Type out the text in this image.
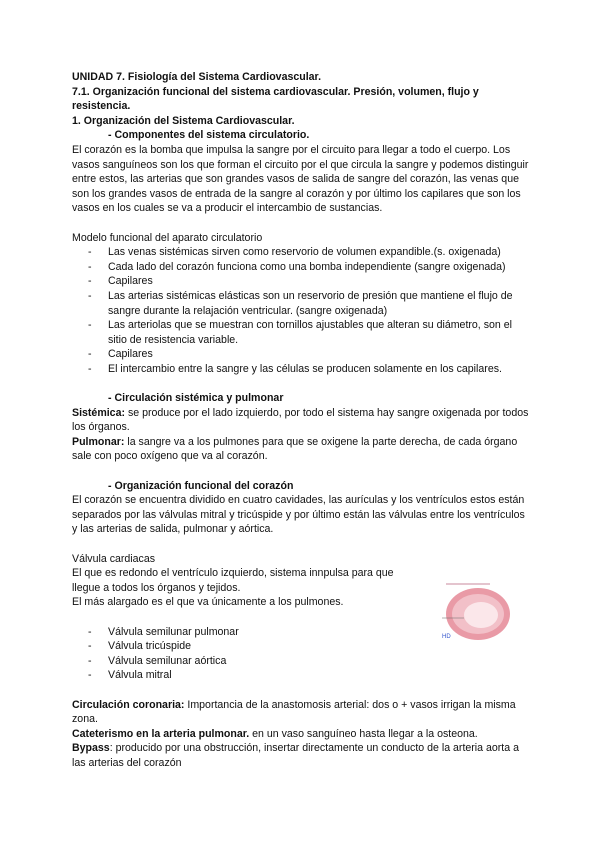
UNIDAD 7. Fisiología del Sistema Cardiovascular.
7.1. Organización funcional del sistema cardiovascular. Presión, volumen, flujo y resistencia.
1. Organización del Sistema Cardiovascular.
- Componentes del sistema circulatorio.
El corazón es la bomba que impulsa la sangre por el circuito para llegar a todo el cuerpo. Los vasos sanguíneos son los que forman el circuito por el que circula la sangre y podemos distinguir entre estos, las arterias que son grandes vasos de salida de sangre del corazón, las venas que son los grandes vasos de entrada de la sangre al corazón y por último los capilares que son los vasos en los cuales se va a producir el intercambio de sustancias.
Modelo funcional del aparato circulatorio
- Las venas sistémicas sirven como reservorio de volumen expandible.(s. oxigenada)
- Cada lado del corazón funciona como una bomba independiente (sangre oxigenada)
- Capilares
- Las arterias sistémicas elásticas son un reservorio de presión que mantiene el flujo de sangre durante la relajación ventricular. (sangre oxigenada)
- Las arteriolas que se muestran con tornillos ajustables que alteran su diámetro, son el sitio de resistencia variable.
- Capilares
- El intercambio entre la sangre y las células se producen solamente en los capilares.
- Circulación sistémica y pulmonar
Sistémica: se produce por el lado izquierdo, por todo el sistema hay sangre oxigenada por todos los órganos.
Pulmonar: la sangre va a los pulmones para que se oxigene la parte derecha, de cada órgano sale con poco oxígeno que va al corazón.
- Organización funcional del corazón
El corazón se encuentra dividido en cuatro cavidades, las aurículas y los ventrículos estos están separados por las válvulas mitral y tricúspide y por último están las válvulas entre los ventrículos y las arterias de salida, pulmonar y aórtica.
Válvula cardiacas
El que es redondo el ventrículo izquierdo, sistema innpulsa para que llegue a todos los órganos y tejidos.
El más alargado es el que va únicamente a los pulmones.
- Válvula semilunar pulmonar
- Válvula tricúspide
- Válvula semilunar aórtica
- Válvula mitral
Circulación coronaria: Importancia de la anastomosis arterial: dos o + vasos irrigan la misma zona.
Cateterismo en la arteria pulmonar. en un vaso sanguíneo hasta llegar a la osteona.
Bypass: producido por una obstrucción, insertar directamente un conducto de la arteria aorta a las arterias del corazón
HD
